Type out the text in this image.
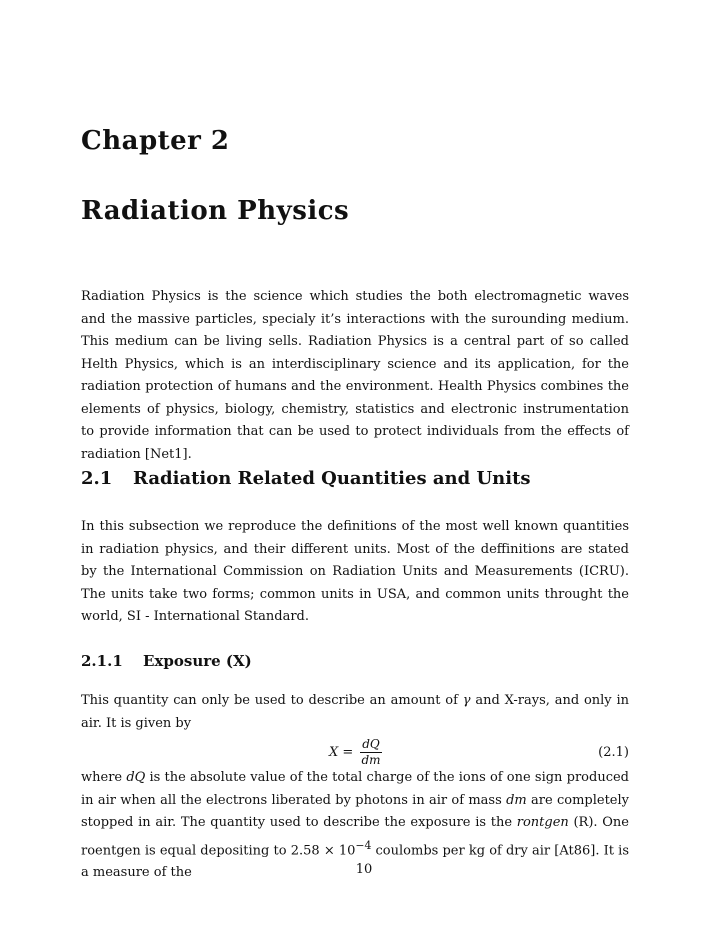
Chapter 2
Radiation Physics

Radiation Physics is the science which studies the both electromagnetic waves and the massive particles, specialy it’s interactions with the surounding medium. This medium can be living sells. Radiation Physics is a central part of so called Helth Physics, which is an interdisciplinary science and its application, for the radiation protection of humans and the environment. Health Physics combines the elements of physics, biology, chemistry, statistics and electronic instrumentation to provide information that can be used to protect individuals from the effects of radiation [Net1].

2.1 Radiation Related Quantities and Units

In this subsection we reproduce the definitions of the most well known quantities in radiation physics, and their different units. Most of the deffinitions are stated by the International Commission on Radiation Units and Measurements (ICRU). The units take two forms; common units in USA, and common units throught the world, SI - International Standard.

2.1.1 Exposure (X)

This quantity can only be used to describe an amount of γ and X-rays, and only in air. It is given by

$X = \frac{dQ}{dm}$	(2.1)

where dQ is the absolute value of the total charge of the ions of one sign produced in air when all the electrons liberated by photons in air of mass dm are completely stopped in air. The quantity used to describe the exposure is the rontgen (R). One roentgen is equal depositing to $2.58 \times 10^{-4}$ coulombs per kg of dry air [At86]. It is a measure of the	10
